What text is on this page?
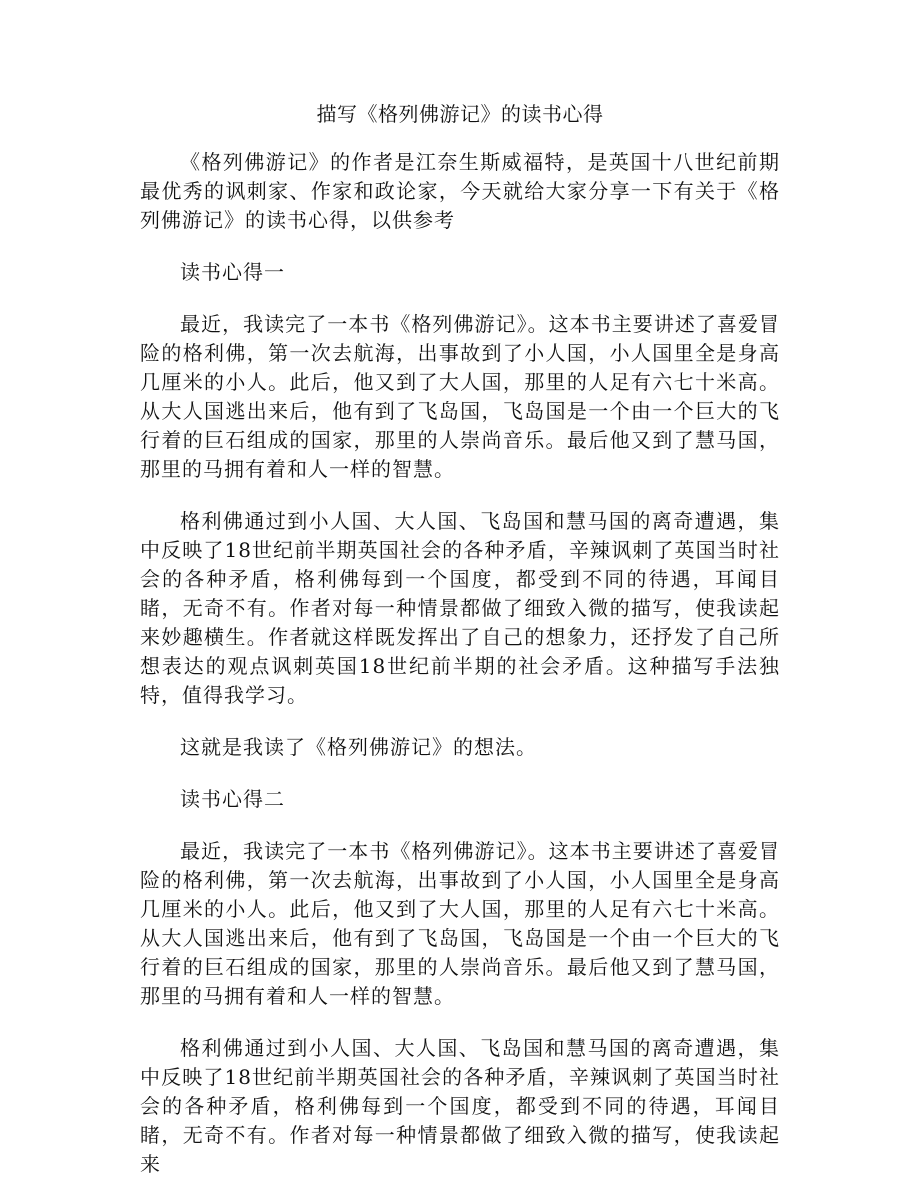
描写《格列佛游记》的读书心得

《格列佛游记》的作者是江奈生斯威福特，是英国十八世纪前期最优秀的讽刺家、作家和政论家，今天就给大家分享一下有关于《格列佛游记》的读书心得，以供参考

读书心得一

最近，我读完了一本书《格列佛游记》。这本书主要讲述了喜爱冒险的格利佛，第一次去航海，出事故到了小人国，小人国里全是身高几厘米的小人。此后，他又到了大人国，那里的人足有六七十米高。从大人国逃出来后，他有到了飞岛国，飞岛国是一个由一个巨大的飞行着的巨石组成的国家，那里的人崇尚音乐。最后他又到了慧马国，那里的马拥有着和人一样的智慧。

格利佛通过到小人国、大人国、飞岛国和慧马国的离奇遭遇，集中反映了18世纪前半期英国社会的各种矛盾，辛辣讽刺了英国当时社会的各种矛盾，格利佛每到一个国度，都受到不同的待遇，耳闻目睹，无奇不有。作者对每一种情景都做了细致入微的描写，使我读起来妙趣横生。作者就这样既发挥出了自己的想象力，还抒发了自己所想表达的观点讽刺英国18世纪前半期的社会矛盾。这种描写手法独特，值得我学习。

这就是我读了《格列佛游记》的想法。

读书心得二

最近，我读完了一本书《格列佛游记》。这本书主要讲述了喜爱冒险的格利佛，第一次去航海，出事故到了小人国，小人国里全是身高几厘米的小人。此后，他又到了大人国，那里的人足有六七十米高。从大人国逃出来后，他有到了飞岛国，飞岛国是一个由一个巨大的飞行着的巨石组成的国家，那里的人崇尚音乐。最后他又到了慧马国，那里的马拥有着和人一样的智慧。

格利佛通过到小人国、大人国、飞岛国和慧马国的离奇遭遇，集中反映了18世纪前半期英国社会的各种矛盾，辛辣讽刺了英国当时社会的各种矛盾，格利佛每到一个国度，都受到不同的待遇，耳闻目睹，无奇不有。作者对每一种情景都做了细致入微的描写，使我读起来
